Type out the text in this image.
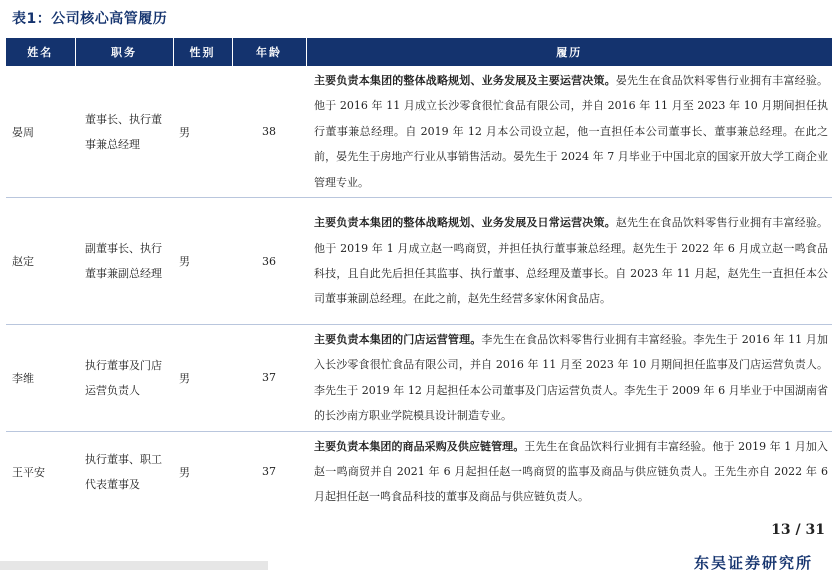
表1：公司核心高管履历
姓名	职务	性别	年龄	履历
晏周	董事长、执行董事兼总经理	男	38	主要负责本集团的整体战略规划、业务发展及主要运营决策。晏先生在食品饮料零售行业拥有丰富经验。他于 2016 年 11 月成立长沙零食很忙食品有限公司，并自 2016 年 11 月至 2023 年 10 月期间担任执行董事兼总经理。自 2019 年 12 月本公司设立起，他一直担任本公司董事长、董事兼总经理。在此之前，晏先生于房地产行业从事销售活动。晏先生于 2024 年 7 月毕业于中国北京的国家开放大学工商企业管理专业。
赵定	副董事长、执行董事兼副总经理	男	36	主要负责本集团的整体战略规划、业务发展及日常运营决策。赵先生在食品饮料零售行业拥有丰富经验。他于 2019 年 1 月成立赵一鸣商贸，并担任执行董事兼总经理。赵先生于 2022 年 6 月成立赵一鸣食品科技，且自此先后担任其监事、执行董事、总经理及董事长。自 2023 年 11 月起，赵先生一直担任本公司董事兼副总经理。在此之前，赵先生经营多家休闲食品店。
李维	执行董事及门店运营负责人	男	37	主要负责本集团的门店运营管理。李先生在食品饮料零售行业拥有丰富经验。李先生于 2016 年 11 月加入长沙零食很忙食品有限公司，并自 2016 年 11 月至 2023 年 10 月期间担任监事及门店运营负责人。李先生于 2019 年 12 月起担任本公司董事及门店运营负责人。李先生于 2009 年 6 月毕业于中国湖南省的长沙南方职业学院模具设计制造专业。
王平安	执行董事、职工代表董事及	男	37	主要负责本集团的商品采购及供应链管理。王先生在食品饮料行业拥有丰富经验。他于 2019 年 1 月加入赵一鸣商贸并自 2021 年 6 月起担任赵一鸣商贸的监事及商品与供应链负责人。王先生亦自 2022 年 6 月起担任赵一鸣食品科技的董事及商品与供应链负责人。
13 / 31
东吴证券研究所
